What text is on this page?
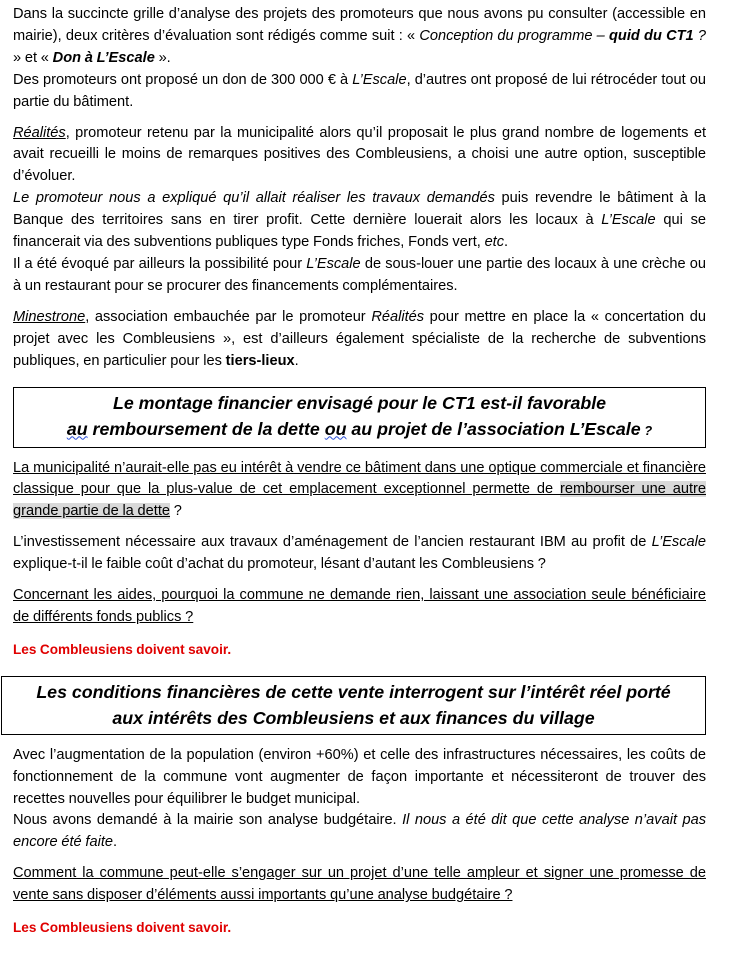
Dans la succincte grille d’analyse des projets des promoteurs que nous avons pu consulter (accessible en mairie), deux critères d’évaluation sont rédigés comme suit : « Conception du programme – quid du CT1 ? » et « Don à L’Escale ».

Des promoteurs ont proposé un don de 300 000 € à L’Escale, d’autres ont proposé de lui rétrocéder tout ou partie du bâtiment.

Réalités, promoteur retenu par la municipalité alors qu’il proposait le plus grand nombre de logements et avait recueilli le moins de remarques positives des Combleusiens, a choisi une autre option, susceptible d’évoluer.

Le promoteur nous a expliqué qu’il allait réaliser les travaux demandés puis revendre le bâtiment à la Banque des territoires sans en tirer profit. Cette dernière louerait alors les locaux à L’Escale qui se financerait via des subventions publiques type Fonds friches, Fonds vert, etc.

Il a été évoqué par ailleurs la possibilité pour L’Escale de sous-louer une partie des locaux à une crèche ou à un restaurant pour se procurer des financements complémentaires.

Minestrone, association embauchée par le promoteur Réalités pour mettre en place la « concertation du projet avec les Combleusiens », est d’ailleurs également spécialiste de la recherche de subventions publiques, en particulier pour les tiers-lieux.

Le montage financier envisagé pour le CT1 est-il favorable
au remboursement de la dette ou au projet de l’association L’Escale ?

La municipalité n’aurait-elle pas eu intérêt à vendre ce bâtiment dans une optique commerciale et financière classique pour que la plus-value de cet emplacement exceptionnel permette de rembourser une autre grande partie de la dette ?

L’investissement nécessaire aux travaux d’aménagement de l’ancien restaurant IBM au profit de L’Escale explique-t-il le faible coût d’achat du promoteur, lésant d’autant les Combleusiens ?

Concernant les aides, pourquoi la commune ne demande rien, laissant une association seule bénéficiaire de différents fonds publics ?

Les Combleusiens doivent savoir.

Les conditions financières de cette vente interrogent sur l’intérêt réel porté
aux intérêts des Combleusiens et aux finances du village

Avec l’augmentation de la population (environ +60%) et celle des infrastructures nécessaires, les coûts de fonctionnement de la commune vont augmenter de façon importante et nécessiteront de trouver des recettes nouvelles pour équilibrer le budget municipal.

Nous avons demandé à la mairie son analyse budgétaire. Il nous a été dit que cette analyse n’avait pas encore été faite.

Comment la commune peut-elle s’engager sur un projet d’une telle ampleur et signer une promesse de vente sans disposer d’éléments aussi importants qu’une analyse budgétaire ?

Les Combleusiens doivent savoir.
